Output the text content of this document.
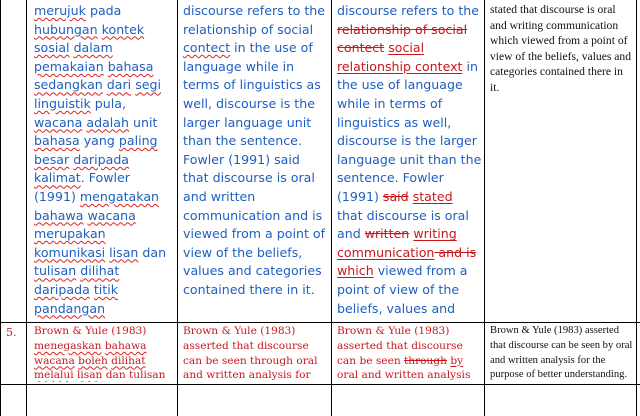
merujuk pada hubungan kontek sosial dalam pemakaian bahasa sedangkan dari segi linguistik pula, wacana adalah unit bahasa yang paling besar daripada kalimat. Fowler (1991) mengatakan bahawa wacana merupakan komunikasi lisan dan tulisan dilihat daripada titik pandangan
discourse refers to the relationship of social contect in the use of language while in terms of linguistics as well, discourse is the larger language unit than the sentence. Fowler (1991) said that discourse is oral and written communication and is viewed from a point of view of the beliefs, values and categories contained there in it.
discourse refers to the relationship of social contect social relationship context in the use of language while in terms of linguistics as well, discourse is the larger language unit than the sentence. Fowler (1991) said stated that discourse is oral and written writing communication and is which viewed from a point of view of the beliefs, values and
stated that discourse is oral and writing communication which viewed from a point of view of the beliefs, values and categories contained there in it.
5.	Brown & Yule (1983) menegaskan bahawa wacana boleh dilihat melalui lisan dan tulisan
Brown & Yule (1983) asserted that discourse can be seen through oral and written analysis for
Brown & Yule (1983) asserted that discourse can be seen through by oral and written analysis
Brown & Yule (1983) asserted that discourse can be seen by oral and written analysis for the purpose of better understanding.
